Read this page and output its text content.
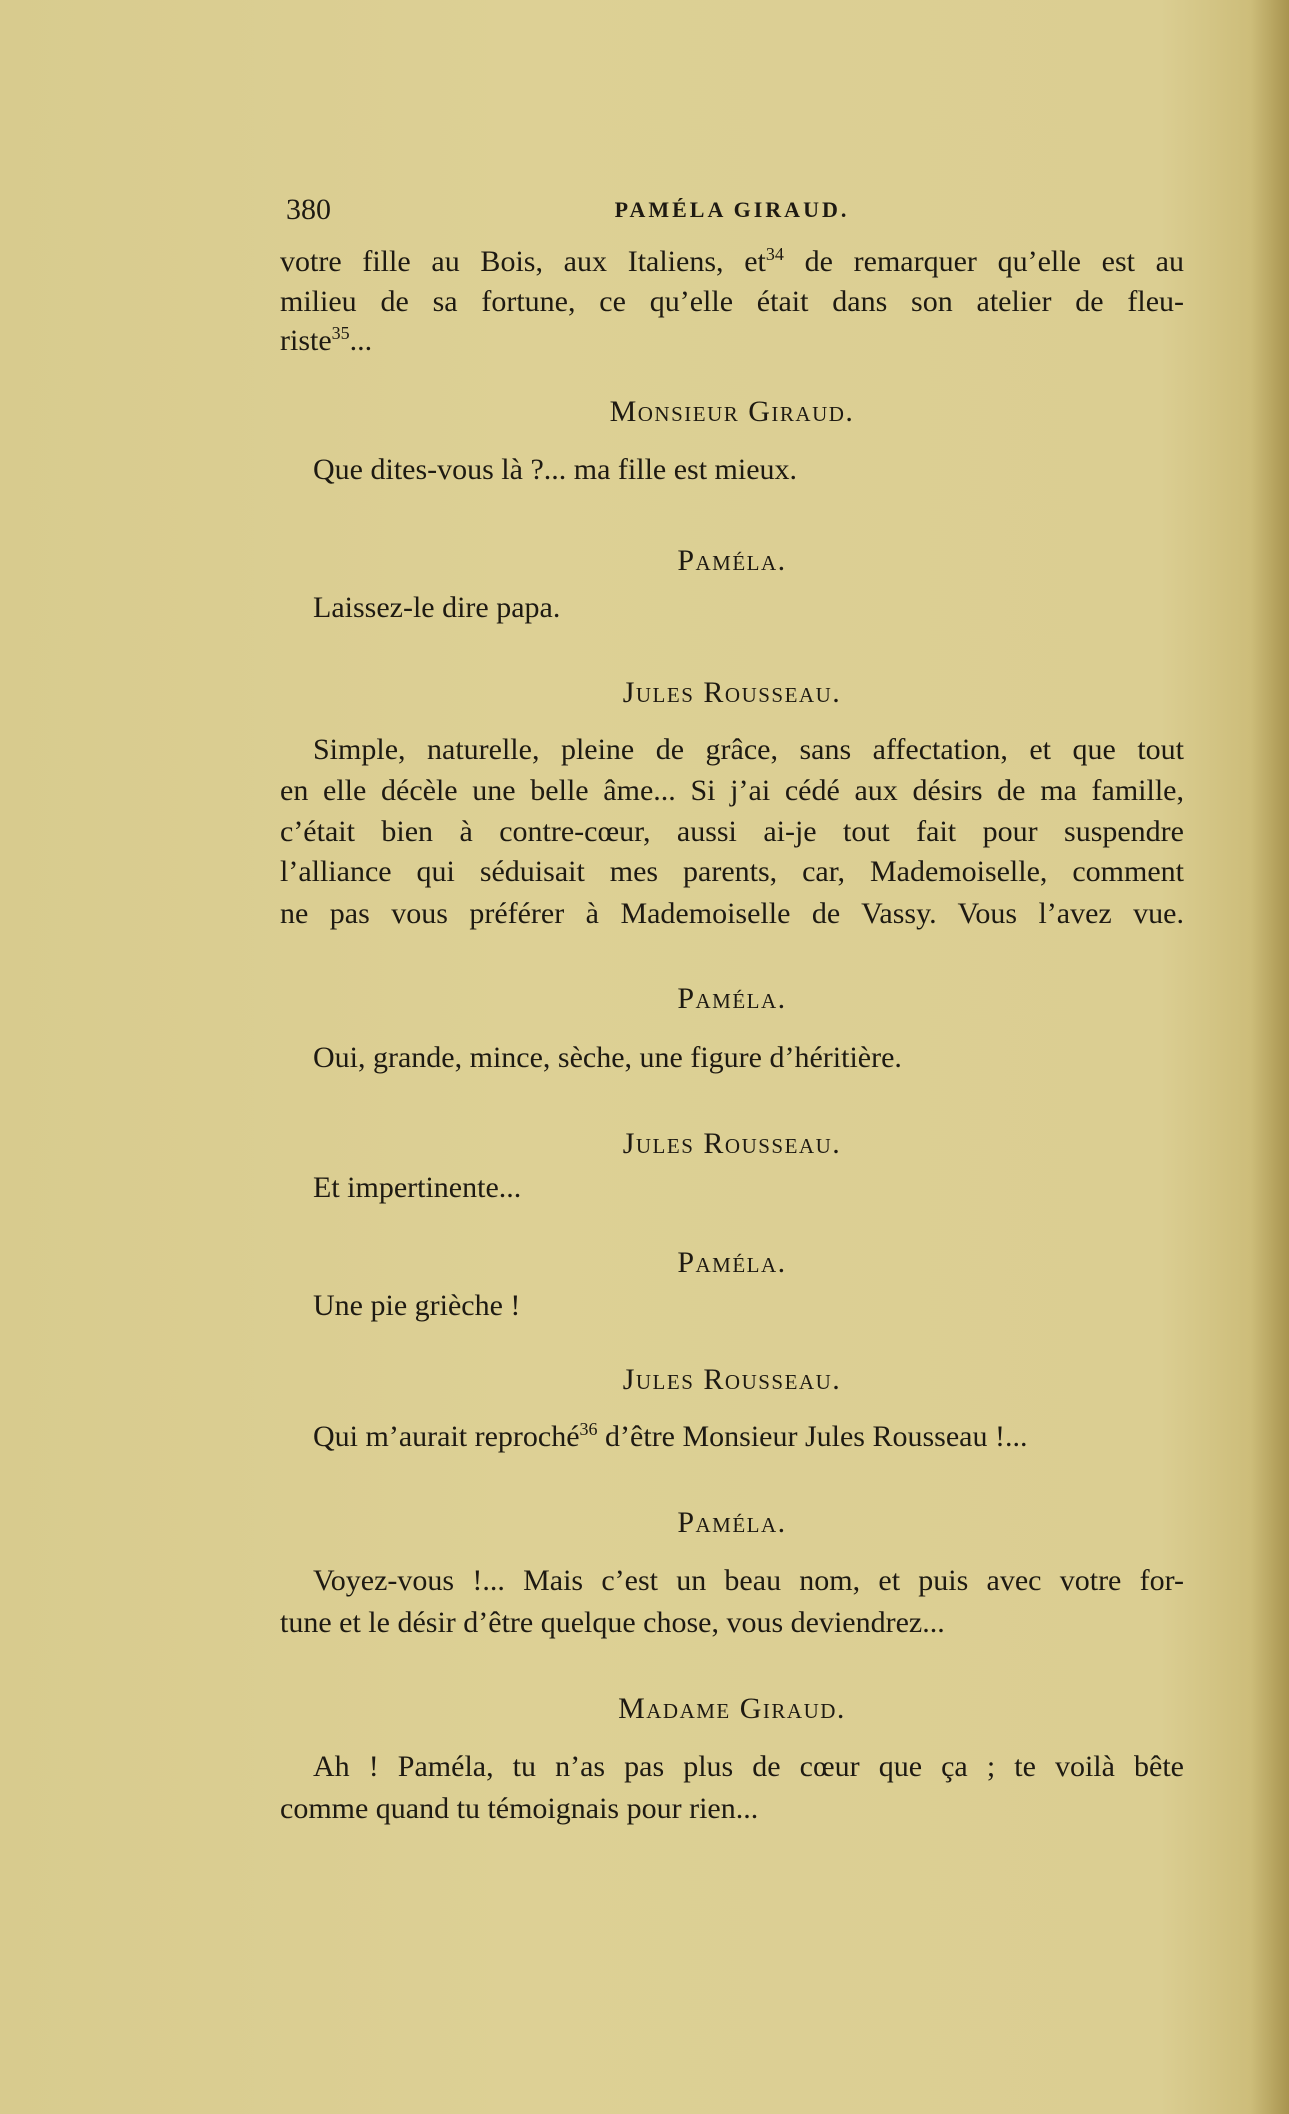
380	PAMÉLA GIRAUD.
votre fille au Bois, aux Italiens, $et^{34}$ de remarquer qu’elle est au
milieu de sa fortune, ce qu’elle était dans son atelier de fleu-
riste$^{35}$...
Monsieur Giraud.
Que dites-vous là ?... ma fille est mieux.
Paméla.
Laissez-le dire papa.
Jules Rousseau.
Simple, naturelle, pleine de grâce, sans affectation, et que tout
en elle décèle une belle âme... Si j’ai cédé aux désirs de ma famille,
c’était bien à contre-cœur, aussi ai-je tout fait pour suspendre
l’alliance qui séduisait mes parents, car, Mademoiselle, comment
ne pas vous préférer à Mademoiselle de Vassy. Vous l’avez vue.
Paméla.
Oui, grande, mince, sèche, une figure d’héritière.
Jules Rousseau.
Et impertinente...
Paméla.
Une pie grièche !
Jules Rousseau.
Qui m’aurait reproché$^{36}$ d’être Monsieur Jules Rousseau !...
Paméla.
Voyez-vous !... Mais c’est un beau nom, et puis avec votre for-
tune et le désir d’être quelque chose, vous deviendrez...
Madame Giraud.
Ah ! Paméla, tu n’as pas plus de cœur que ça ; te voilà bête
comme quand tu témoignais pour rien...
